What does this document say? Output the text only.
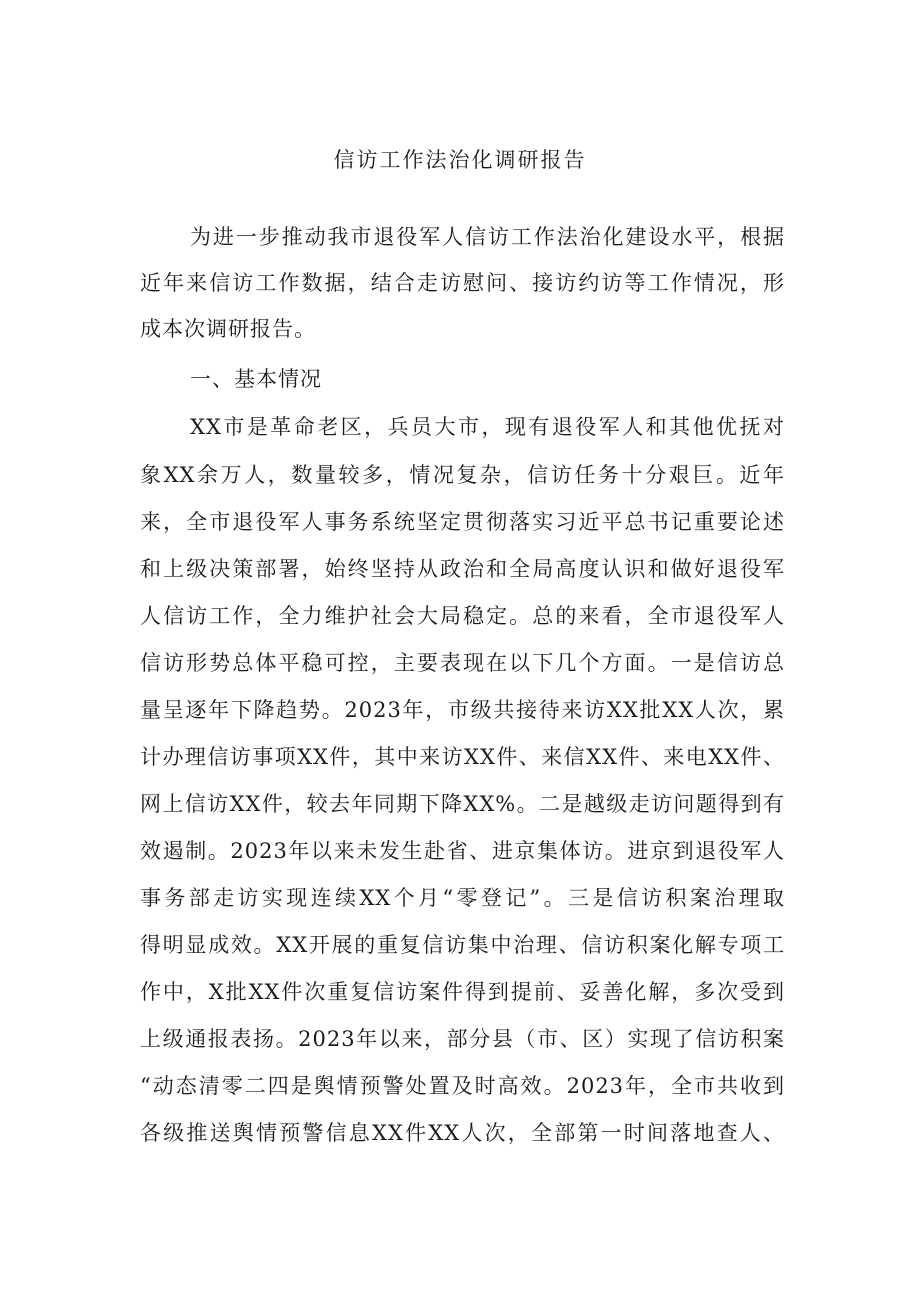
信访工作法治化调研报告
为进一步推动我市退役军人信访工作法治化建设水平，根据
近年来信访工作数据，结合走访慰问、接访约访等工作情况，形
成本次调研报告。
一、基本情况
XX市是革命老区，兵员大市，现有退役军人和其他优抚对
象XX余万人，数量较多，情况复杂，信访任务十分艰巨。近年
来，全市退役军人事务系统坚定贯彻落实习近平总书记重要论述
和上级决策部署，始终坚持从政治和全局高度认识和做好退役军
人信访工作，全力维护社会大局稳定。总的来看，全市退役军人
信访形势总体平稳可控，主要表现在以下几个方面。一是信访总
量呈逐年下降趋势。2023年，市级共接待来访XX批XX人次，累
计办理信访事项XX件，其中来访XX件、来信XX件、来电XX件、
网上信访XX件，较去年同期下降XX%。二是越级走访问题得到有
效遏制。2023年以来未发生赴省、进京集体访。进京到退役军人
事务部走访实现连续XX个月“零登记”。三是信访积案治理取
得明显成效。XX开展的重复信访集中治理、信访积案化解专项工
作中，X批XX件次重复信访案件得到提前、妥善化解，多次受到
上级通报表扬。2023年以来，部分县（市、区）实现了信访积案
“动态清零二四是舆情预警处置及时高效。2023年，全市共收到
各级推送舆情预警信息XX件XX人次，全部第一时间落地查人、
